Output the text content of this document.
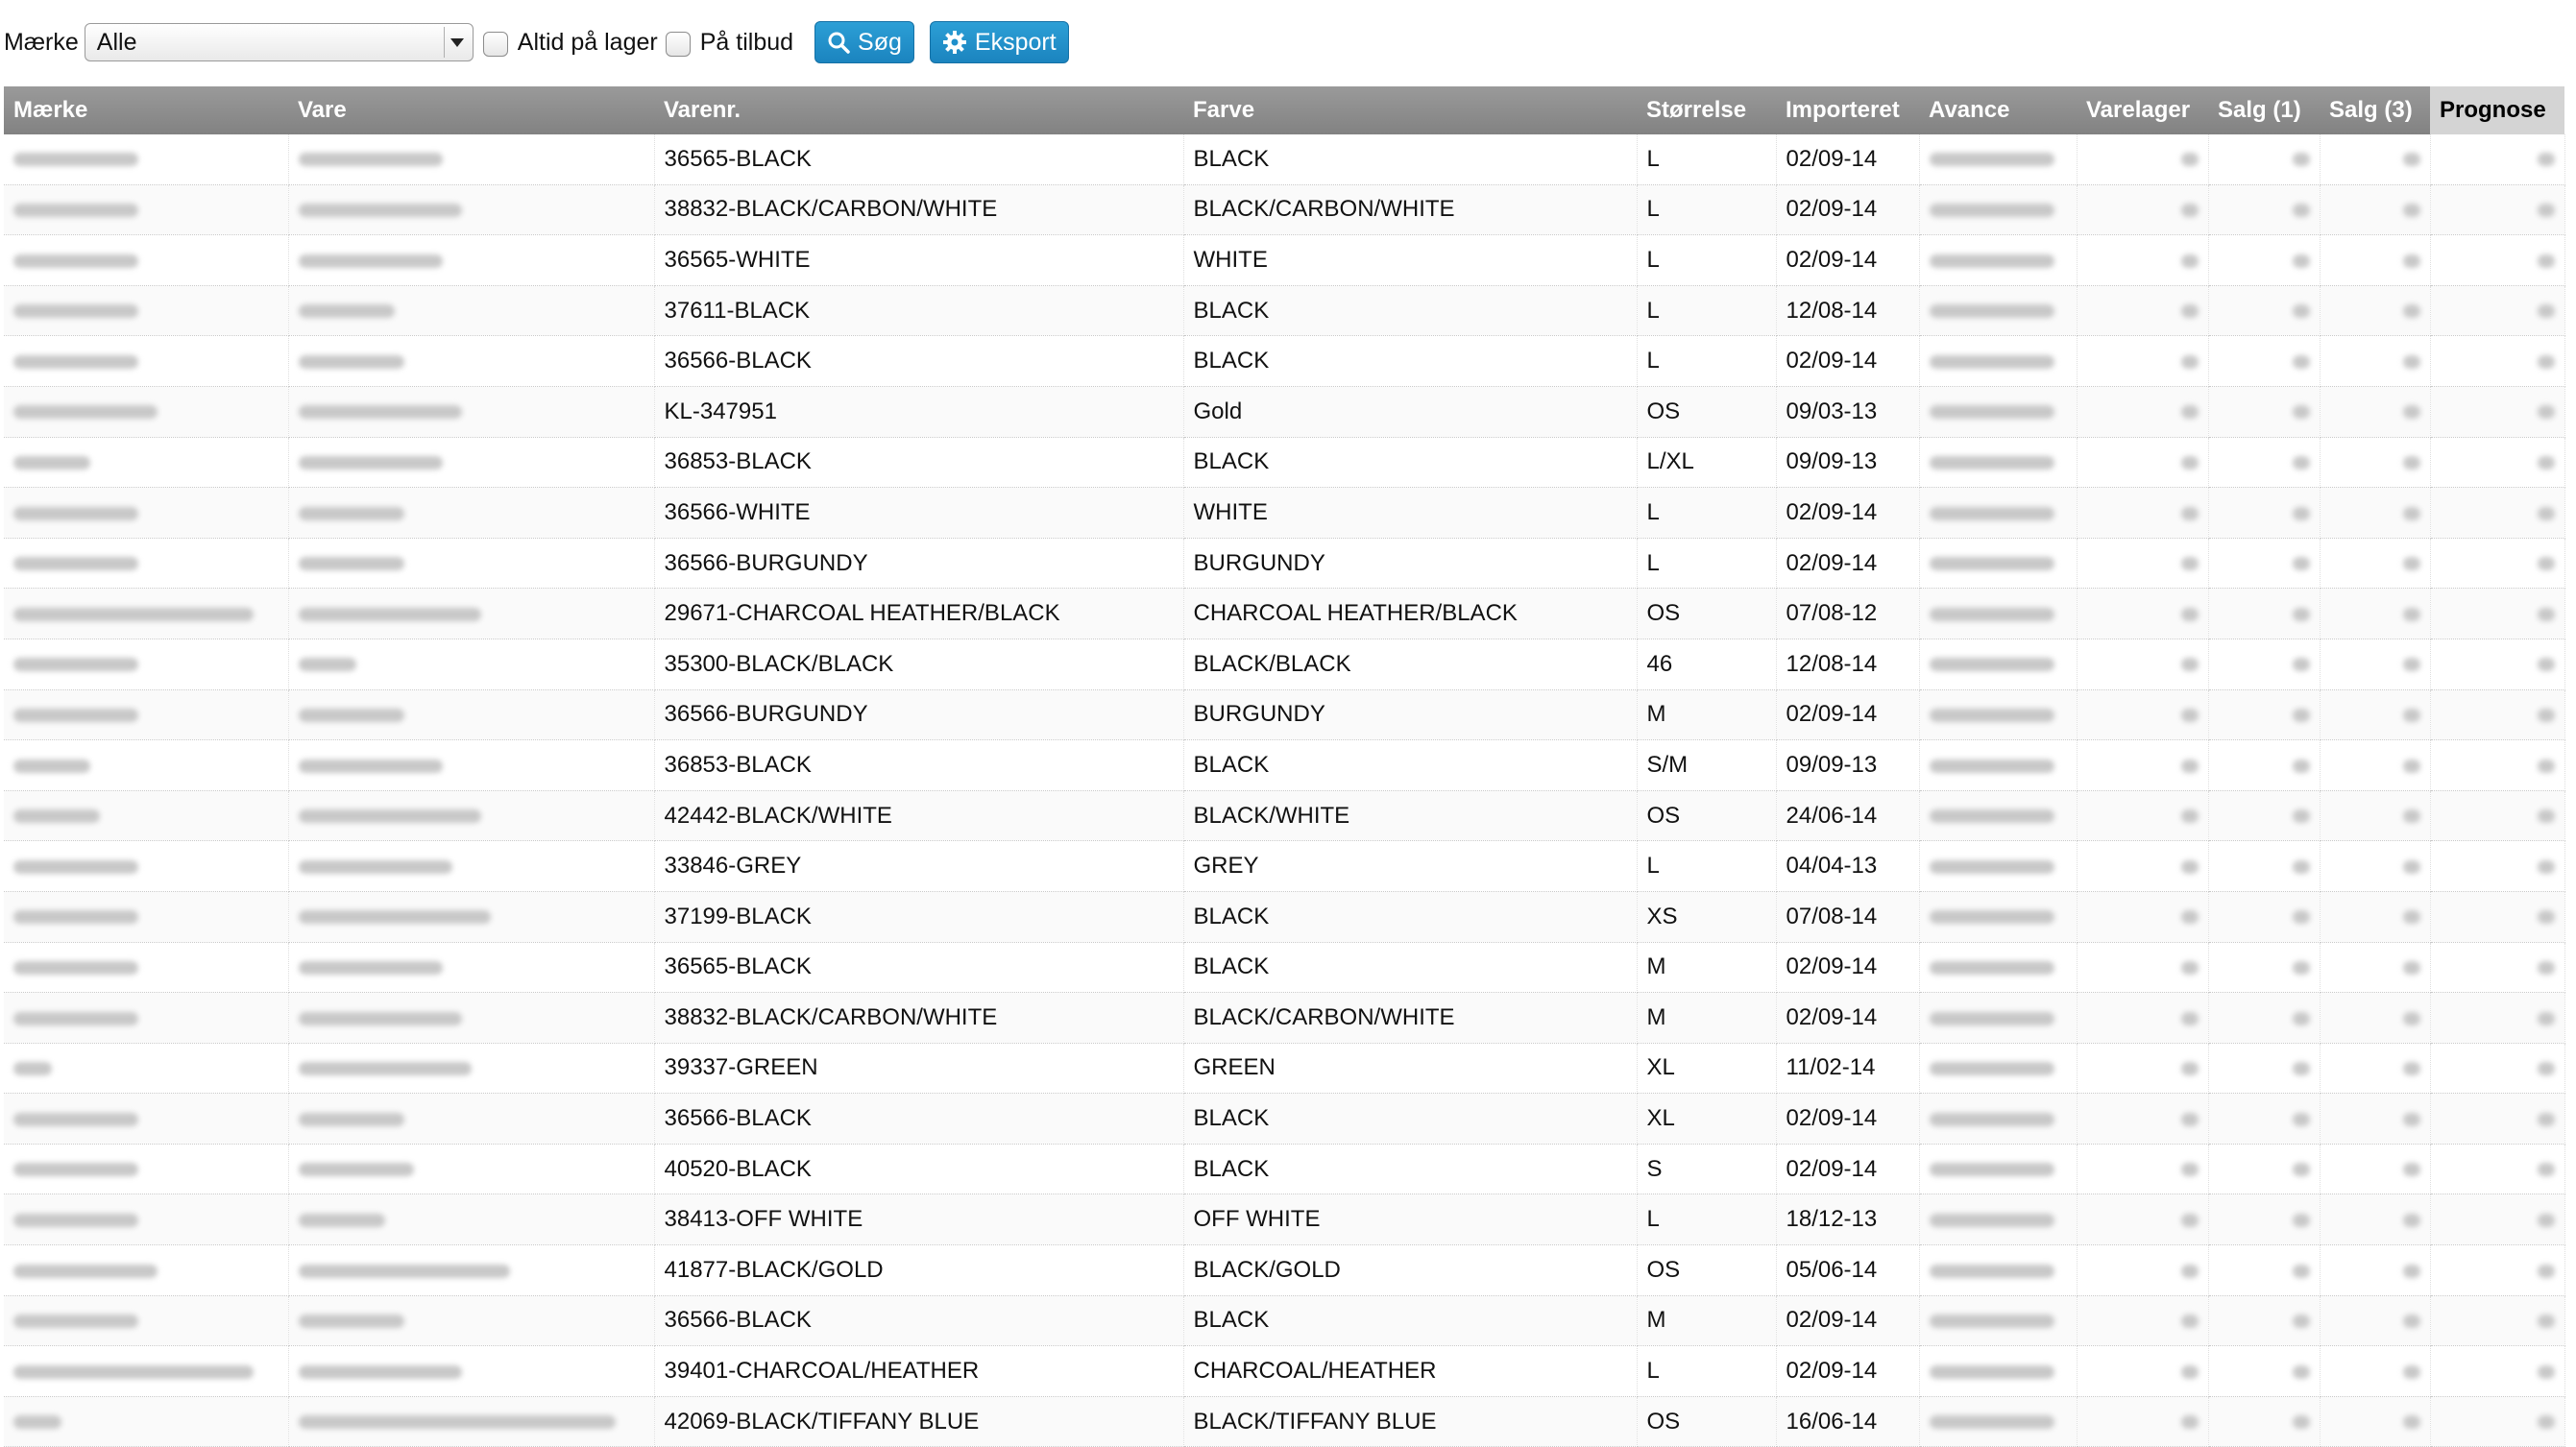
Mærke Alle	Altid på lager På tilbud	Søg	Eksport
Mærke	Vare	Varenr.	Farve	Størrelse	Importeret	Avance	Varelager	Salg (1)	Salg (3)	Prognose
		36565-BLACK	BLACK	L	02/09-14					
		38832-BLACK/CARBON/WHITE	BLACK/CARBON/WHITE	L	02/09-14					
		36565-WHITE	WHITE	L	02/09-14					
		37611-BLACK	BLACK	L	12/08-14					
		36566-BLACK	BLACK	L	02/09-14					
		KL-347951	Gold	OS	09/03-13					
		36853-BLACK	BLACK	L/XL	09/09-13					
		36566-WHITE	WHITE	L	02/09-14					
		36566-BURGUNDY	BURGUNDY	L	02/09-14					
		29671-CHARCOAL HEATHER/BLACK	CHARCOAL HEATHER/BLACK	OS	07/08-12					
		35300-BLACK/BLACK	BLACK/BLACK	46	12/08-14					
		36566-BURGUNDY	BURGUNDY	M	02/09-14					
		36853-BLACK	BLACK	S/M	09/09-13					
		42442-BLACK/WHITE	BLACK/WHITE	OS	24/06-14					
		33846-GREY	GREY	L	04/04-13					
		37199-BLACK	BLACK	XS	07/08-14					
		36565-BLACK	BLACK	M	02/09-14					
		38832-BLACK/CARBON/WHITE	BLACK/CARBON/WHITE	M	02/09-14					
		39337-GREEN	GREEN	XL	11/02-14					
		36566-BLACK	BLACK	XL	02/09-14					
		40520-BLACK	BLACK	S	02/09-14					
		38413-OFF WHITE	OFF WHITE	L	18/12-13					
		41877-BLACK/GOLD	BLACK/GOLD	OS	05/06-14					
		36566-BLACK	BLACK	M	02/09-14					
		39401-CHARCOAL/HEATHER	CHARCOAL/HEATHER	L	02/09-14					
		42069-BLACK/TIFFANY BLUE	BLACK/TIFFANY BLUE	OS	16/06-14					
